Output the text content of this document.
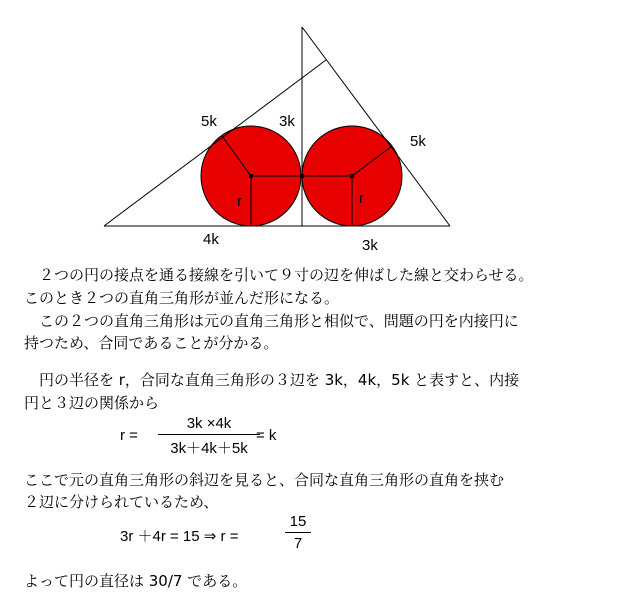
5k	3k
5k
r	r
4k	3k
　２つの円の接点を通る接線を引いて９寸の辺を伸ばした線と交わらせる。
このとき２つの直角三角形が並んだ形になる。
　この２つの直角三角形は元の直角三角形と相似で、問題の円を内接円に
持つため、合同であることが分かる。
　円の半径を r，合同な直角三角形の３辺を 3k，4k，5k と表すと、内接
円と３辺の関係から
r =
3k ×4k
3k＋4k＋5k
= k
ここで元の直角三角形の斜辺を見ると、合同な直角三角形の直角を挟む
２辺に分けられているため、
3r ＋4r = 15 ⇒ r =
15
7
よって円の直径は 30/7 である。
